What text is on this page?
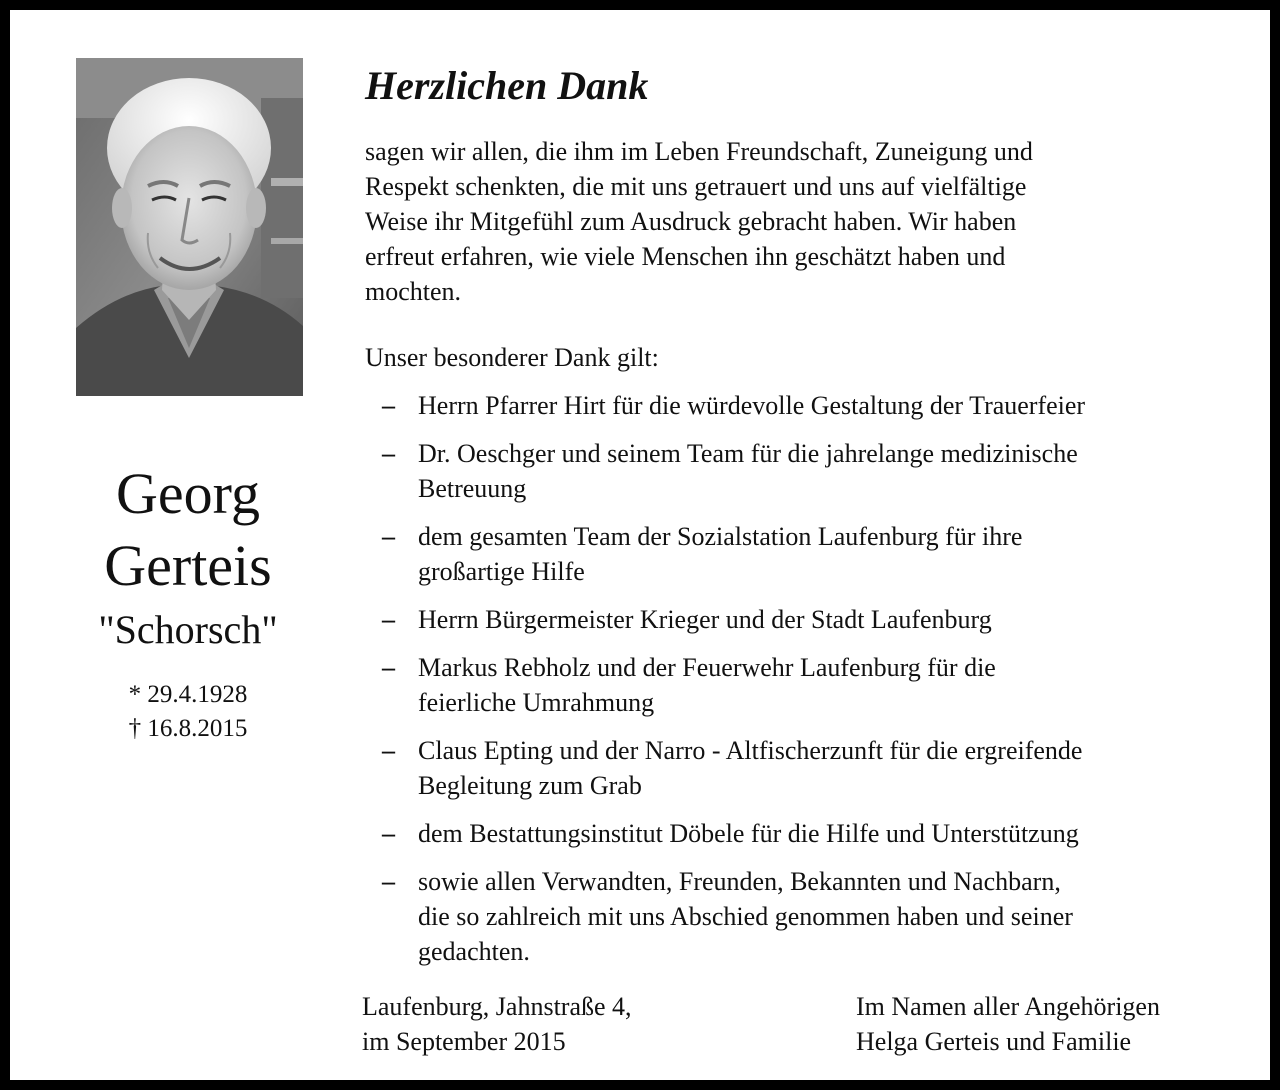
Georg
Gerteis
"Schorsch"
* 29.4.1928
† 16.8.2015
Herzlichen Dank

sagen wir allen, die ihm im Leben Freundschaft, Zuneigung und

Respekt schenkten, die mit uns getrauert und uns auf vielfältige

Weise ihr Mitgefühl zum Ausdruck gebracht haben. Wir haben

erfreut erfahren, wie viele Menschen ihn geschätzt haben und

mochten.

Unser besonderer Dank gilt:
– Herrn Pfarrer Hirt für die würdevolle Gestaltung der Trauerfeier
– Dr. Oeschger und seinem Team für die jahrelange medizinische
Betreuung
– dem gesamten Team der Sozialstation Laufenburg für ihre
großartige Hilfe
– Herrn Bürgermeister Krieger und der Stadt Laufenburg
– Markus Rebholz und der Feuerwehr Laufenburg für die
feierliche Umrahmung
– Claus Epting und der Narro - Altfischerzunft für die ergreifende
Begleitung zum Grab
– dem Bestattungsinstitut Döbele für die Hilfe und Unterstützung
– sowie allen Verwandten, Freunden, Bekannten und Nachbarn,
die so zahlreich mit uns Abschied genommen haben und seiner
gedachten.
Laufenburg, Jahnstraße 4,
im September 2015
Im Namen aller Angehörigen
Helga Gerteis und Familie
